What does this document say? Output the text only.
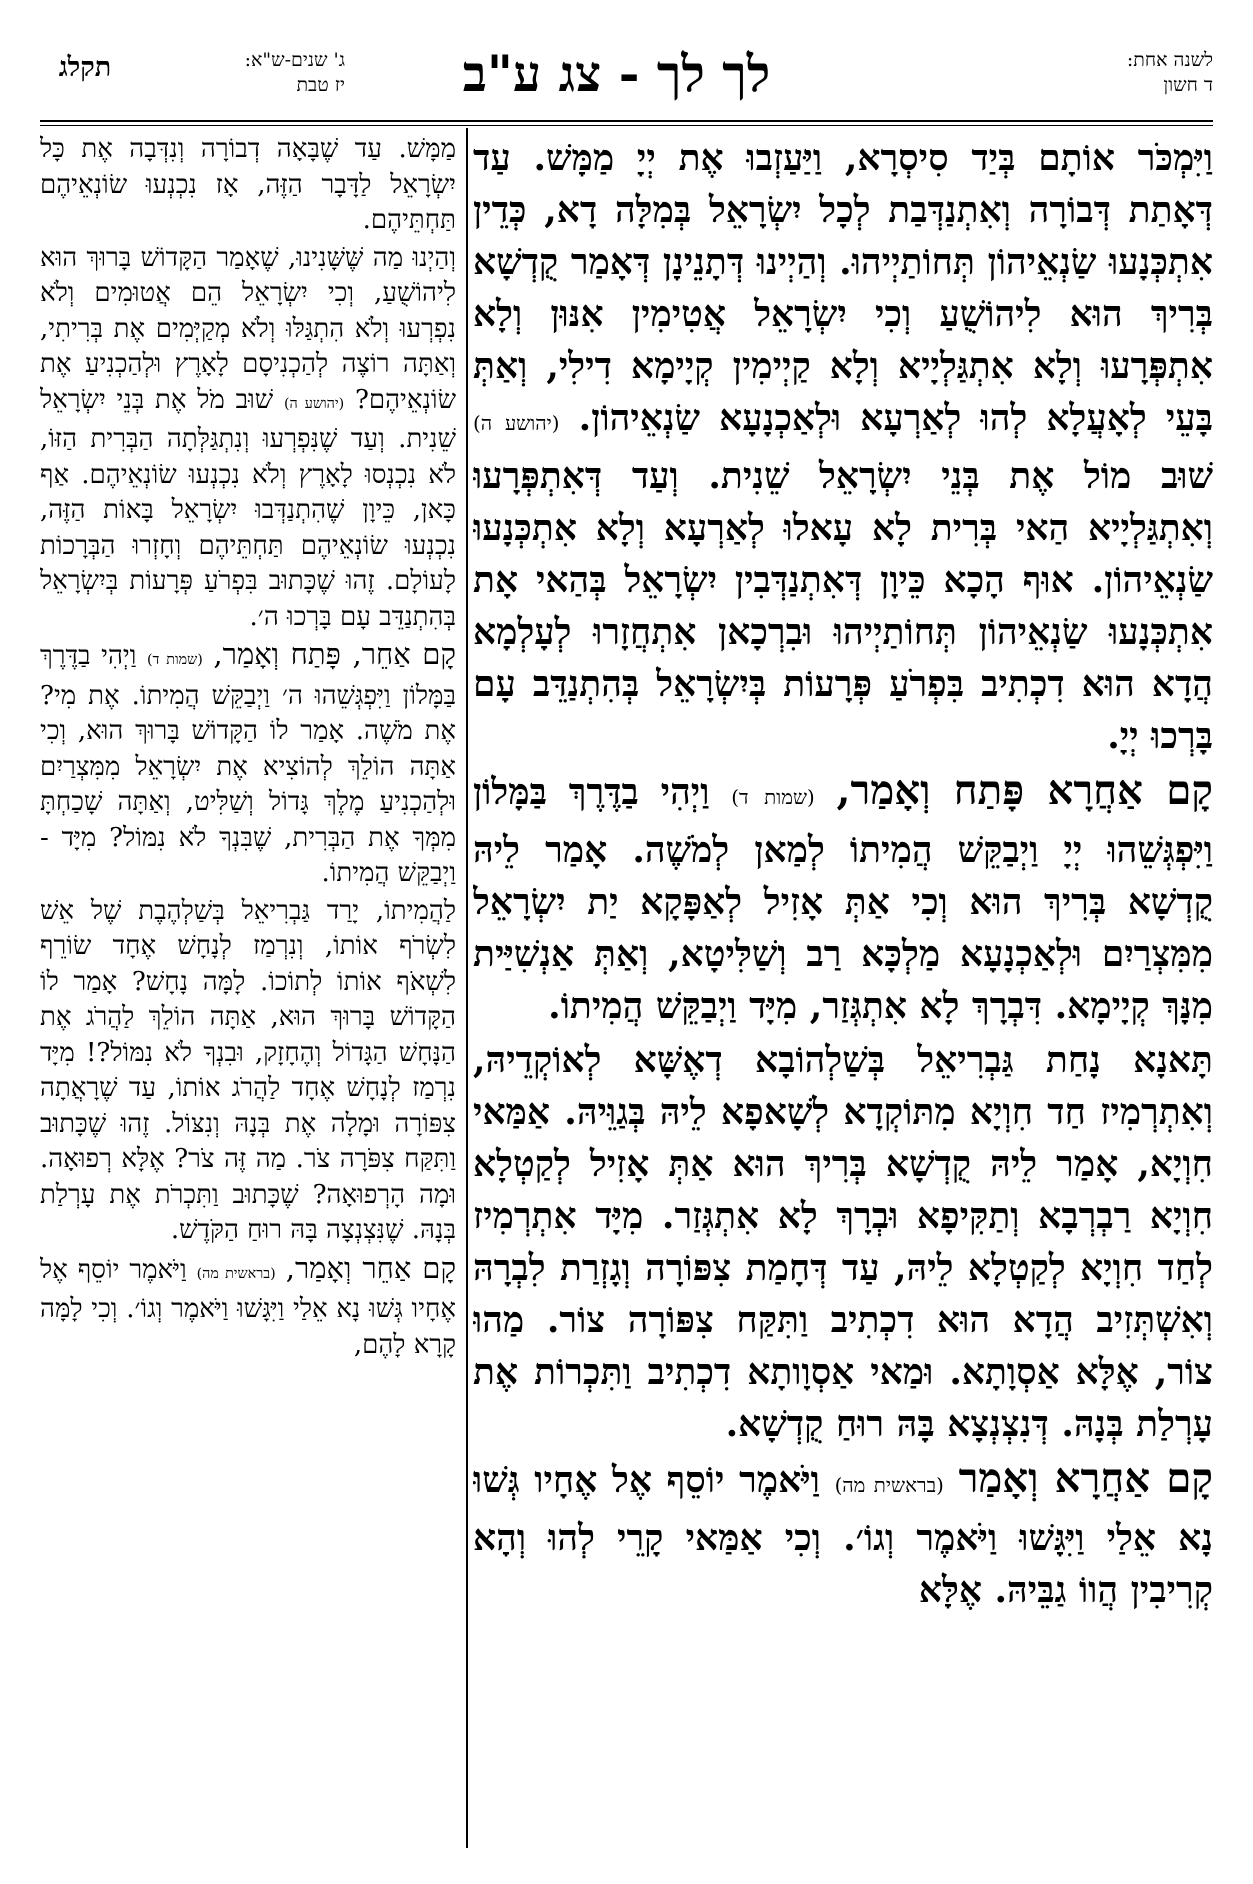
לשנה אחת:
ד חשון
לך לך - צג ע"ב
ג' שנים-ש"א:
יז טבת
תקלג

וַיִּמְכֹּר אוֹתָם בְּיַד סִיסְרָא, וַיַּעַזְבוּ אֶת יְיָ מַמָּשׁ. עַד דְּאָתַת דְּבוֹרָה וְאִתְנַדְּבַת לְכָל יִשְׂרָאֵל בְּמִלָּה דָא, כְּדֵין אִתְכְּנָעוּ שַׂנְאֵיהוֹן תְּחוֹתַיְיהוּ. וְהַיְינוּ דְּתָנֵינָן דְּאָמַר קֻדְשָׁא בְּרִיךְ הוּא לִיהוֹשֻׁעַ וְכִי יִשְׂרָאֵל אֲטִימִין אִנּוּן וְלָא אִתְפְּרָעוּ וְלָא אִתְגַּלְיָיא וְלָא קַיְימִין קְיָימָא דִילִי, וְאַתְּ בָּעֵי לְאָעֲלָא לְהוּ לְאַרְעָא וּלְאַכְנָעָא שַׂנְאֵיהוֹן. (יהושע ה) שׁוּב מוֹל אֶת בְּנֵי יִשְׂרָאֵל שֵׁנִית. וְעַד דְּאִתְפְּרָעוּ וְאִתְגַּלְיָיא הַאי בְּרִית לָא עָאלוּ לְאַרְעָא וְלָא אִתְכְּנָעוּ שַׂנְאֵיהוֹן. אוּף הָכָא כֵּיוָן דְּאִתְנַדְּבִין יִשְׂרָאֵל בְּהַאי אָת אִתְכְּנָעוּ שַׂנְאֵיהוֹן תְּחוֹתַיְיהוּ וּבִרְכָאן אִתְחֲזָרוּ לְעָלְמָא הֲדָא הוּא דִכְתִיב בִּפְרֹעַ פְּרָעוֹת בְּיִשְׂרָאֵל בְּהִתְנַדֵּב עָם בָּרְכוּ יְיָ.

קָם אַחֲרָא פָּתַח וְאָמַר, (שמות ד) וַיְהִי בַדֶּרֶךְ בַּמָּלוֹן וַיִּפְגְּשֵׁהוּ יְיָ וַיְבַקֵּשׁ הֲמִיתוֹ לְמַאן לְמֹשֶׁה. אָמַר לֵיהּ קֻדְשָׁא בְּרִיךְ הוּא וְכִי אַתְּ אָזִיל לְאַפָּקָא יַת יִשְׂרָאֵל מִמִּצְרַיִם וּלְאַכְנָעָא מַלְכָּא רַב וְשַׁלִּיטָא, וְאַתְּ אַנְשִׁיַּית מִנָּךְ קְיָימָא. דִּבְרָךְ לָא אִתְגְּזַר, מִיָּד וַיְבַקֵּשׁ הֲמִיתוֹ.

תָּאנָא נָחַת גַּבְרִיאֵל בְּשַׁלְהוֹבָא דְאֶשָּׁא לְאוֹקְדֵיהּ, וְאִתְרְמִיז חַד חִוְיָא מִתּוֹקְדָא לְשָׁאפָא לֵיהּ בְּגַוֵּיהּ. אַמַּאי חִוְיָא, אָמַר לֵיהּ קֻדְשָׁא בְּרִיךְ הוּא אַתְּ אָזִיל לְקַטְלָא חִוְיָא רַבְרְבָא וְתַקִּיפָא וּבְרָךְ לָא אִתְגְּזַר. מִיָּד אִתְרְמִיז לְחַד חִוְיָא לְקַטְלָא לֵיהּ, עַד דְּחָמַת צִפּוֹרָה וְגָזְרַת לִבְרָהּ וְאִשְׁתְּזִיב הֲדָא הוּא דִכְתִיב וַתִּקַּח צִפּוֹרָה צוֹר. מַהוּ צוֹר, אֶלָּא אַסְוָתָא. וּמַאי אַסְוָותָא דִכְתִיב וַתִּכְרוֹת אֶת עָרְלַת בְּנָהּ. דְּנִצְנְצָא בָּהּ רוּחַ קֻדְשָׁא.

קָם אַחֲרָא וְאָמַר (בראשית מה) וַיֹּאמֶר יוֹסֵף אֶל אֶחָיו גְּשׁוּ נָא אֵלַי וַיִּגָּשׁוּ וַיֹּאמֶר וְגוֹ׳. וְכִי אַמַּאי קָרֵי לְהוּ וְהָא קְרִיבִין הֲווֹ גַבֵּיהּ. אֶלָּא

מַמָּשׁ. עַד שֶׁבָּאָה דְבוֹרָה וְנִדְּבָה אֶת כָּל יִשְׂרָאֵל לַדָּבָר הַזֶּה, אָז נִכְנְעוּ שׂוֹנְאֵיהֶם תַּחְתֵּיהֶם.

וְהַיְנוּ מַה שֶּׁשָּׁנִינוּ, שֶׁאָמַר הַקָּדוֹשׁ בָּרוּךְ הוּא לִיהוֹשֻׁעַ, וְכִי יִשְׂרָאֵל הֵם אֲטוּמִים וְלֹא נִפְרְעוּ וְלֹא הִתְגַּלּוּ וְלֹא מְקַיְּמִים אֶת בְּרִיתִי, וְאַתָּה רוֹצֶה לְהַכְנִיסָם לָאָרֶץ וּלְהַכְנִיעַ אֶת שׂוֹנְאֵיהֶם? (יהושע ה) שׁוּב מֹל אֶת בְּנֵי יִשְׂרָאֵל שֵׁנִית. וְעַד שֶׁנִּפְרְעוּ וְנִתְגַּלְּתָה הַבְּרִית הַזּוֹ, לֹא נִכְנְסוּ לָאָרֶץ וְלֹא נִכְנְעוּ שׂוֹנְאֵיהֶם. אַף כָּאן, כֵּיוָן שֶׁהִתְנַדְּבוּ יִשְׂרָאֵל בָּאוֹת הַזֶּה, נִכְנְעוּ שׂוֹנְאֵיהֶם תַּחְתֵּיהֶם וְחָזְרוּ הַבְּרָכוֹת לָעוֹלָם. זֶהוּ שֶׁכָּתוּב בִּפְרֹעַ פְּרָעוֹת בְּיִשְׂרָאֵל בְּהִתְנַדֵּב עָם בָּרְכוּ ה׳.

קָם אַחֵר, פָּתַח וְאָמַר, (שמות ד) וַיְהִי בַדֶּרֶךְ בַּמָּלוֹן וַיִּפְגְּשֵׁהוּ ה׳ וַיְבַקֵּשׁ הֲמִיתוֹ. אֶת מִי? אֶת מֹשֶׁה. אָמַר לוֹ הַקָּדוֹשׁ בָּרוּךְ הוּא, וְכִי אַתָּה הוֹלֵךְ לְהוֹצִיא אֶת יִשְׂרָאֵל מִמִּצְרַיִם וּלְהַכְנִיעַ מֶלֶךְ גָּדוֹל וְשַׁלִּיט, וְאַתָּה שָׁכַחְתָּ מִמְּךָ אֶת הַבְּרִית, שֶׁבִּנְךָ לֹא נִמּוֹל? מִיָּד - וַיְבַקֵּשׁ הֲמִיתוֹ.

לַהֲמִיתוֹ, יָרַד גַּבְרִיאֵל בְּשַׁלְהֶבֶת שֶׁל אֵשׁ לִשְׂרֹף אוֹתוֹ, וְנִרְמַז לְנָחָשׁ אֶחָד שׂוֹרֵף לִשְׁאֹף אוֹתוֹ לְתוֹכוֹ. לָמָּה נָחָשׁ? אָמַר לוֹ הַקָּדוֹשׁ בָּרוּךְ הוּא, אַתָּה הוֹלֵךְ לַהֲרֹג אֶת הַנָּחָשׁ הַגָּדוֹל וְהֶחָזָק, וּבִנְךָ לֹא נִמּוֹל?! מִיָּד נִרְמַז לְנָחָשׁ אֶחָד לַהֲרֹג אוֹתוֹ, עַד שֶׁרָאֲתָה צִפּוֹרָה וּמָלָה אֶת בְּנָהּ וְנִצּוֹל. זֶהוּ שֶׁכָּתוּב וַתִּקַּח צִפֹּרָה צֹר. מַה זֶּה צֹר? אֶלָּא רְפוּאָה. וּמָה הָרְפוּאָה? שֶׁכָּתוּב וַתִּכְרֹת אֶת עָרְלַת בְּנָהּ. שֶׁנִּצְנְצָה בָּהּ רוּחַ הַקֹּדֶשׁ.

קָם אַחֵר וְאָמַר, (בראשית מה) וַיֹּאמֶר יוֹסֵף אֶל אֶחָיו גְּשׁוּ נָא אֵלַי וַיִּגָּשׁוּ וַיֹּאמֶר וְגוֹ׳. וְכִי לָמָּה קָרָא לָהֶם,
